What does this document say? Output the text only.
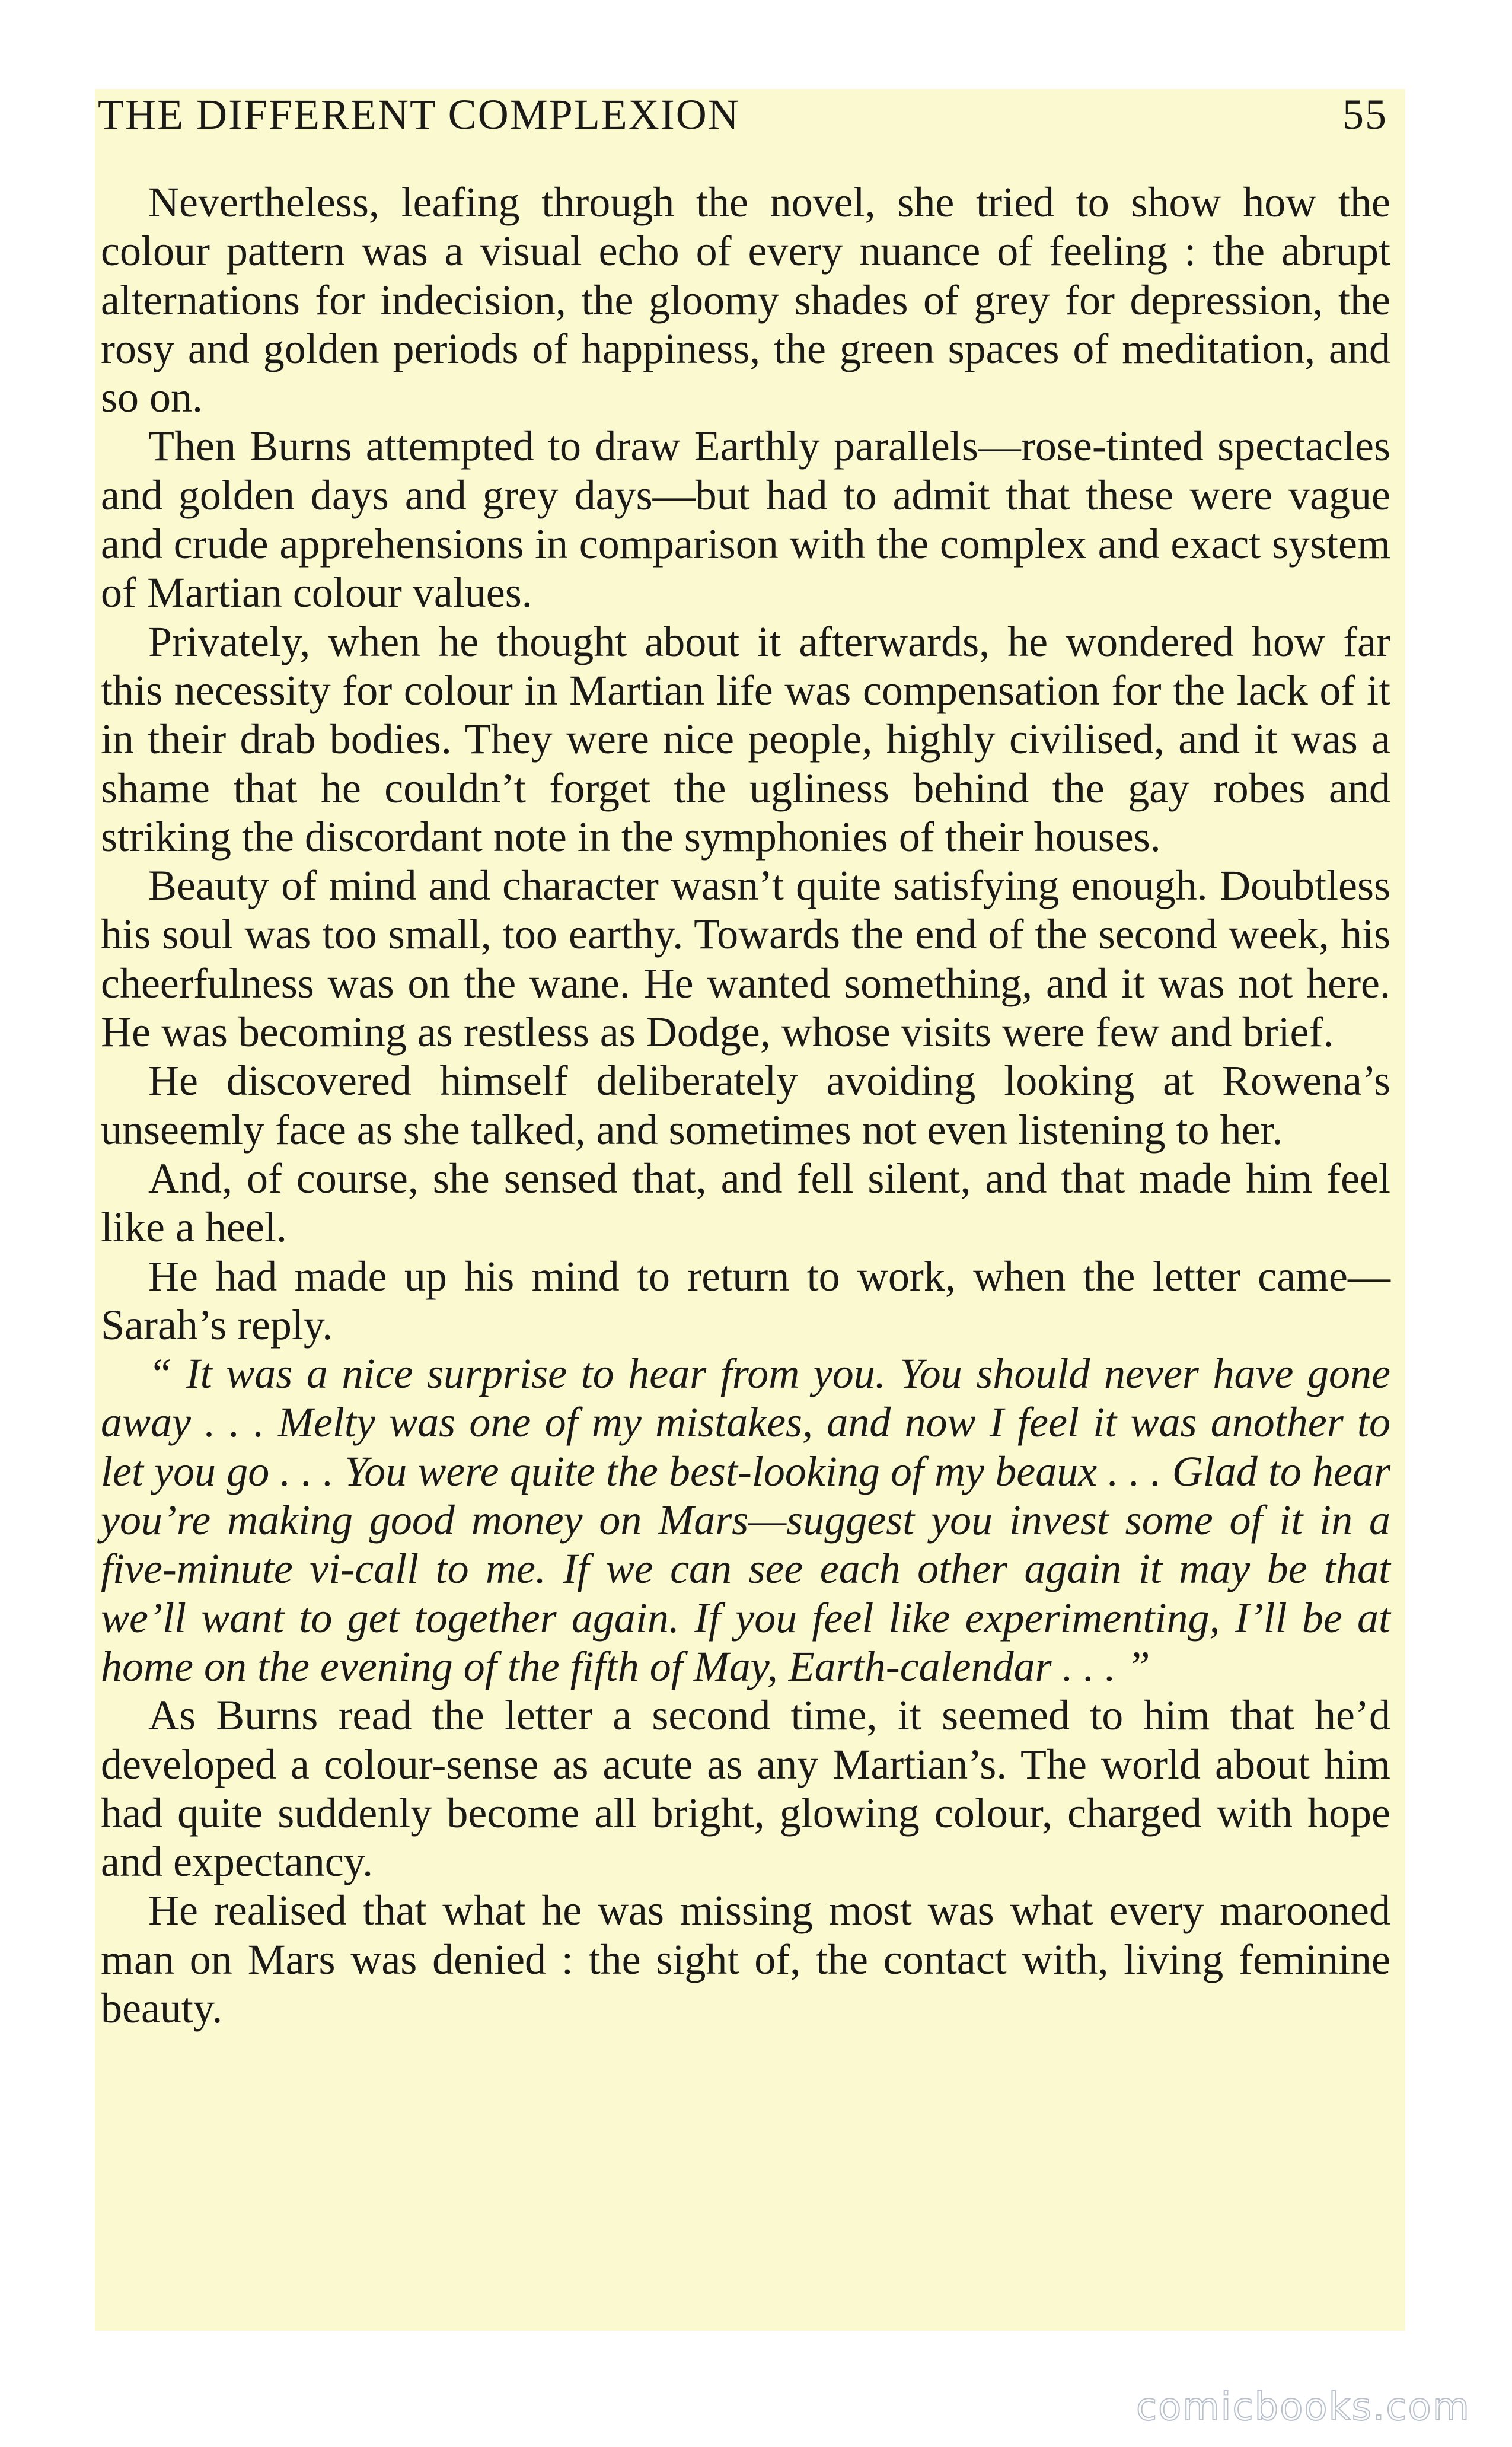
THE DIFFERENT COMPLEXION	55

Nevertheless, leafing through the novel, she tried to show how the colour pattern was a visual echo of every nuance of feeling : the abrupt alternations for indecision, the gloomy shades of grey for depression, the rosy and golden periods of happiness, the green spaces of meditation, and so on.

Then Burns attempted to draw Earthly parallels—rose-tinted spectacles and golden days and grey days—but had to admit that these were vague and crude apprehensions in comparison with the complex and exact system of Martian colour values.

Privately, when he thought about it afterwards, he wondered how far this necessity for colour in Martian life was compensation for the lack of it in their drab bodies. They were nice people, highly civilised, and it was a shame that he couldn’t forget the ugliness behind the gay robes and striking the discordant note in the symphonies of their houses.

Beauty of mind and character wasn’t quite satisfying enough. Doubtless his soul was too small, too earthy. Towards the end of the second week, his cheerfulness was on the wane. He wanted something, and it was not here. He was becoming as restless as Dodge, whose visits were few and brief.

He discovered himself deliberately avoiding looking at Rowena’s unseemly face as she talked, and sometimes not even listening to her.

And, of course, she sensed that, and fell silent, and that made him feel like a heel.

He had made up his mind to return to work, when the letter came—Sarah’s reply.

“ It was a nice surprise to hear from you. You should never have gone away . . . Melty was one of my mistakes, and now I feel it was another to let you go . . . You were quite the best-looking of my beaux . . . Glad to hear you’re making good money on Mars—suggest you invest some of it in a five-minute vi-call to me. If we can see each other again it may be that we’ll want to get together again. If you feel like experimenting, I’ll be at home on the evening of the fifth of May, Earth-calendar . . . ”

As Burns read the letter a second time, it seemed to him that he’d developed a colour-sense as acute as any Martian’s. The world about him had quite suddenly become all bright, glowing colour, charged with hope and expectancy.

He realised that what he was missing most was what every marooned man on Mars was denied : the sight of, the contact with, living feminine beauty.

comicbooks.com
